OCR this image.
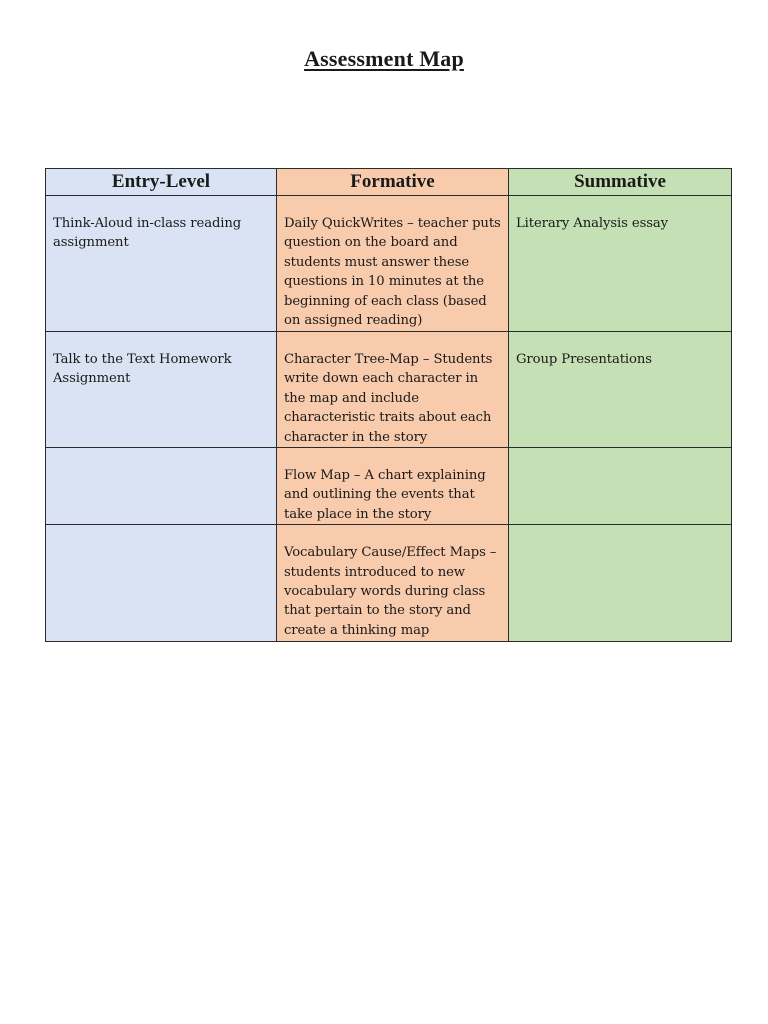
Assessment Map
Entry-Level	Formative	Summative
Think-Aloud in-class reading assignment	Daily QuickWrites – teacher puts question on the board and students must answer these questions in 10 minutes at the beginning of each class (based on assigned reading)	Literary Analysis essay
Talk to the Text Homework Assignment	Character Tree-Map – Students write down each character in the map and include characteristic traits about each character in the story	Group Presentations
	Flow Map – A chart explaining and outlining the events that take place in the story	
	Vocabulary Cause/Effect Maps – students introduced to new vocabulary words during class that pertain to the story and create a thinking map	
